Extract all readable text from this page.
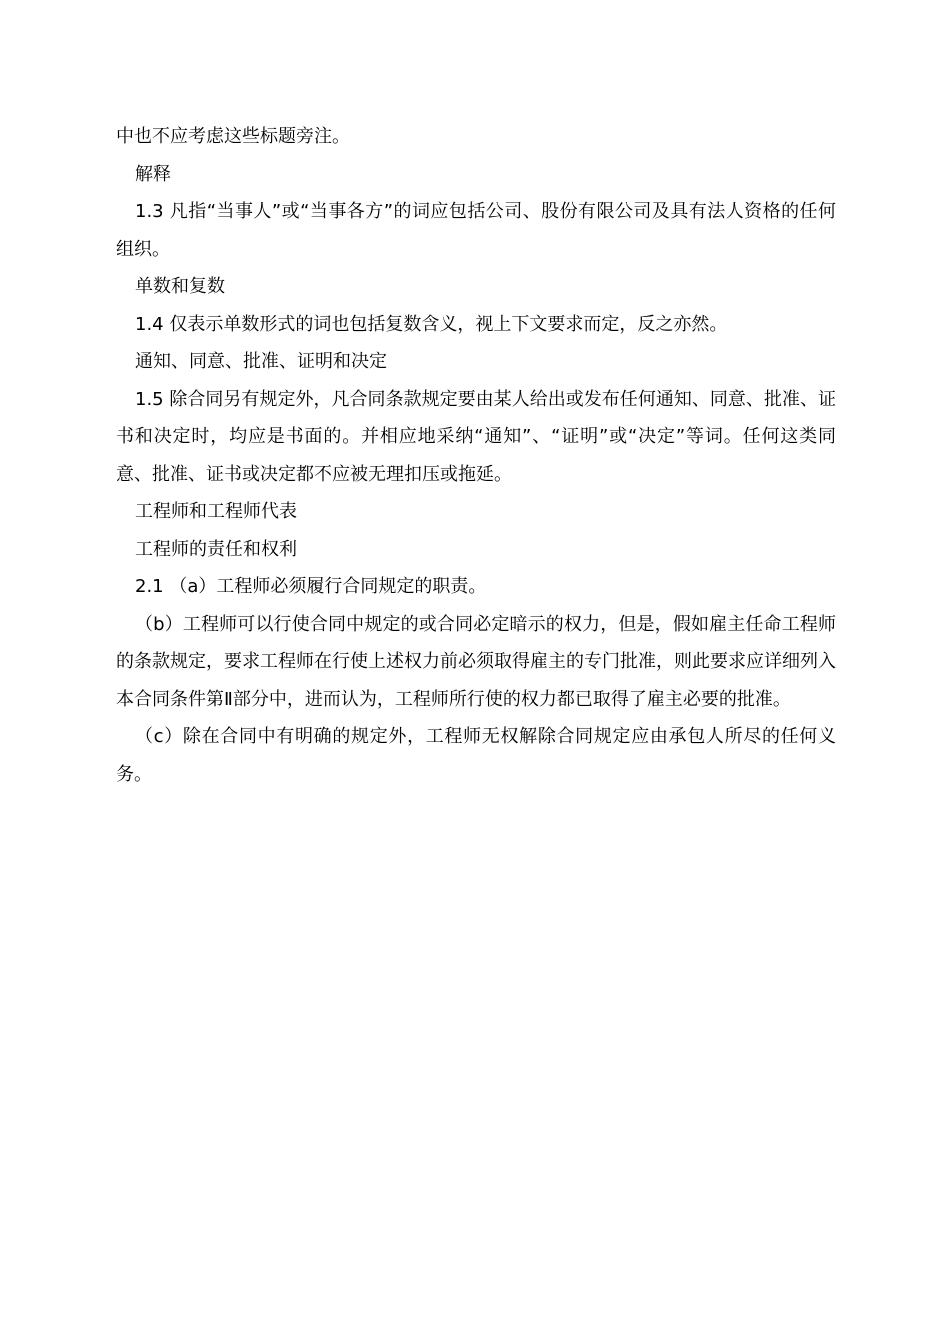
中也不应考虑这些标题旁注。

解释

1.3 凡指“当事人”或“当事各方”的词应包括公司、股份有限公司及具有法人资格的任何组织。

单数和复数

1.4 仅表示单数形式的词也包括复数含义，视上下文要求而定，反之亦然。

通知、同意、批准、证明和决定

1.5 除合同另有规定外，凡合同条款规定要由某人给出或发布任何通知、同意、批准、证书和决定时，均应是书面的。并相应地采纳“通知”、“证明”或“决定”等词。任何这类同意、批准、证书或决定都不应被无理扣压或拖延。

工程师和工程师代表

工程师的责任和权利

2.1 （a）工程师必须履行合同规定的职责。

（b）工程师可以行使合同中规定的或合同必定暗示的权力，但是，假如雇主任命工程师的条款规定，要求工程师在行使上述权力前必须取得雇主的专门批准，则此要求应详细列入本合同条件第Ⅱ部分中，进而认为，工程师所行使的权力都已取得了雇主必要的批准。

（c）除在合同中有明确的规定外，工程师无权解除合同规定应由承包人所尽的任何义务。
